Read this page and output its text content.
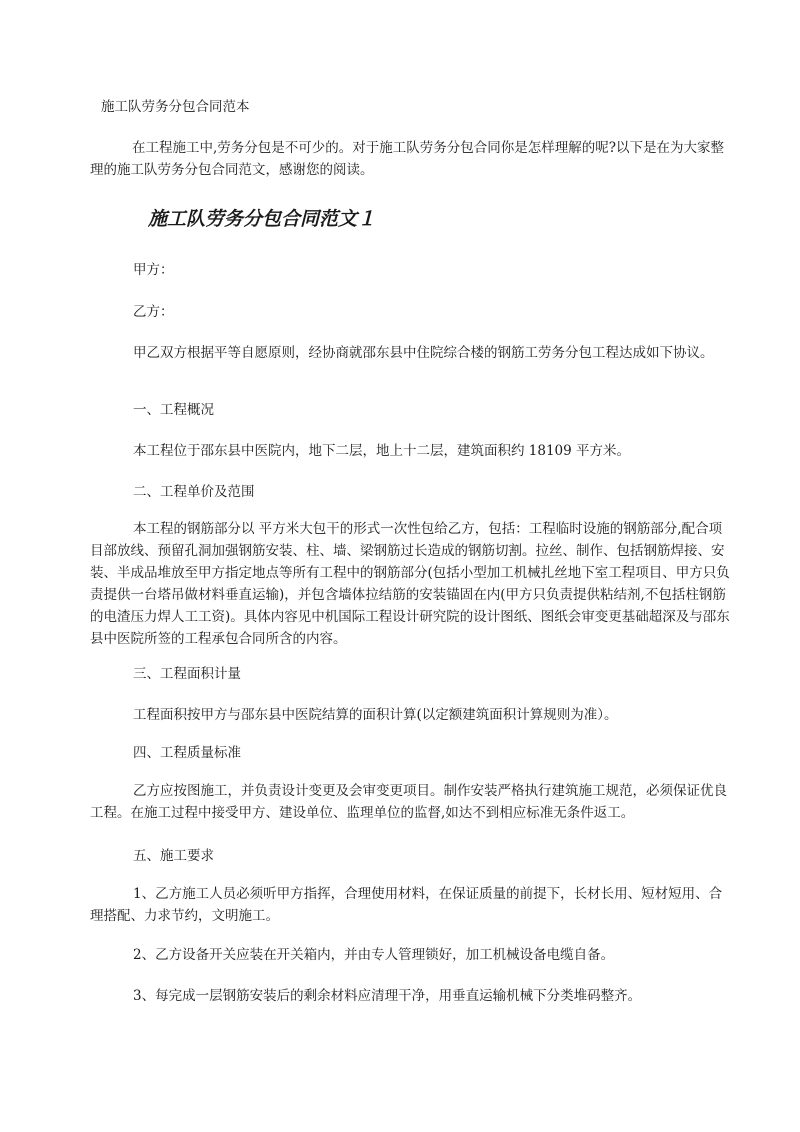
施工队劳务分包合同范本
在工程施工中,劳务分包是不可少的。对于施工队劳务分包合同你是怎样理解的呢?以下是在为大家整理的施工队劳务分包合同范文，感谢您的阅读。
施工队劳务分包合同范文１
甲方：
乙方：
甲乙双方根据平等自愿原则，经协商就邵东县中住院综合楼的钢筋工劳务分包工程达成如下协议。
一、工程概况
本工程位于邵东县中医院内，地下二层，地上十二层，建筑面积约 18109 平方米。
二、工程单价及范围
本工程的钢筋部分以 平方米大包干的形式一次性包给乙方，包括：工程临时设施的钢筋部分,配合项目部放线、预留孔洞加强钢筋安装、柱、墙、梁钢筋过长造成的钢筋切割。拉丝、制作、包括钢筋焊接、安装、半成品堆放至甲方指定地点等所有工程中的钢筋部分(包括小型加工机械扎丝地下室工程项目、甲方只负责提供一台塔吊做材料垂直运输)，并包含墙体拉结筋的安装锚固在内(甲方只负责提供粘结剂,不包括柱钢筋的电渣压力焊人工工资)。具体内容见中机国际工程设计研究院的设计图纸、图纸会审变更基础超深及与邵东县中医院所签的工程承包合同所含的内容。
三、工程面积计量
工程面积按甲方与邵东县中医院结算的面积计算(以定额建筑面积计算规则为准）。
四、工程质量标准
乙方应按图施工，并负责设计变更及会审变更项目。制作安装严格执行建筑施工规范，必须保证优良工程。在施工过程中接受甲方、建设单位、监理单位的监督,如达不到相应标准无条件返工。
五、施工要求
1、乙方施工人员必须听甲方指挥，合理使用材料，在保证质量的前提下，长材长用、短材短用、合理搭配、力求节约，文明施工。
2、乙方设备开关应装在开关箱内，并由专人管理锁好，加工机械设备电缆自备。
3、每完成一层钢筋安装后的剩余材料应清理干净，用垂直运输机械下分类堆码整齐。
